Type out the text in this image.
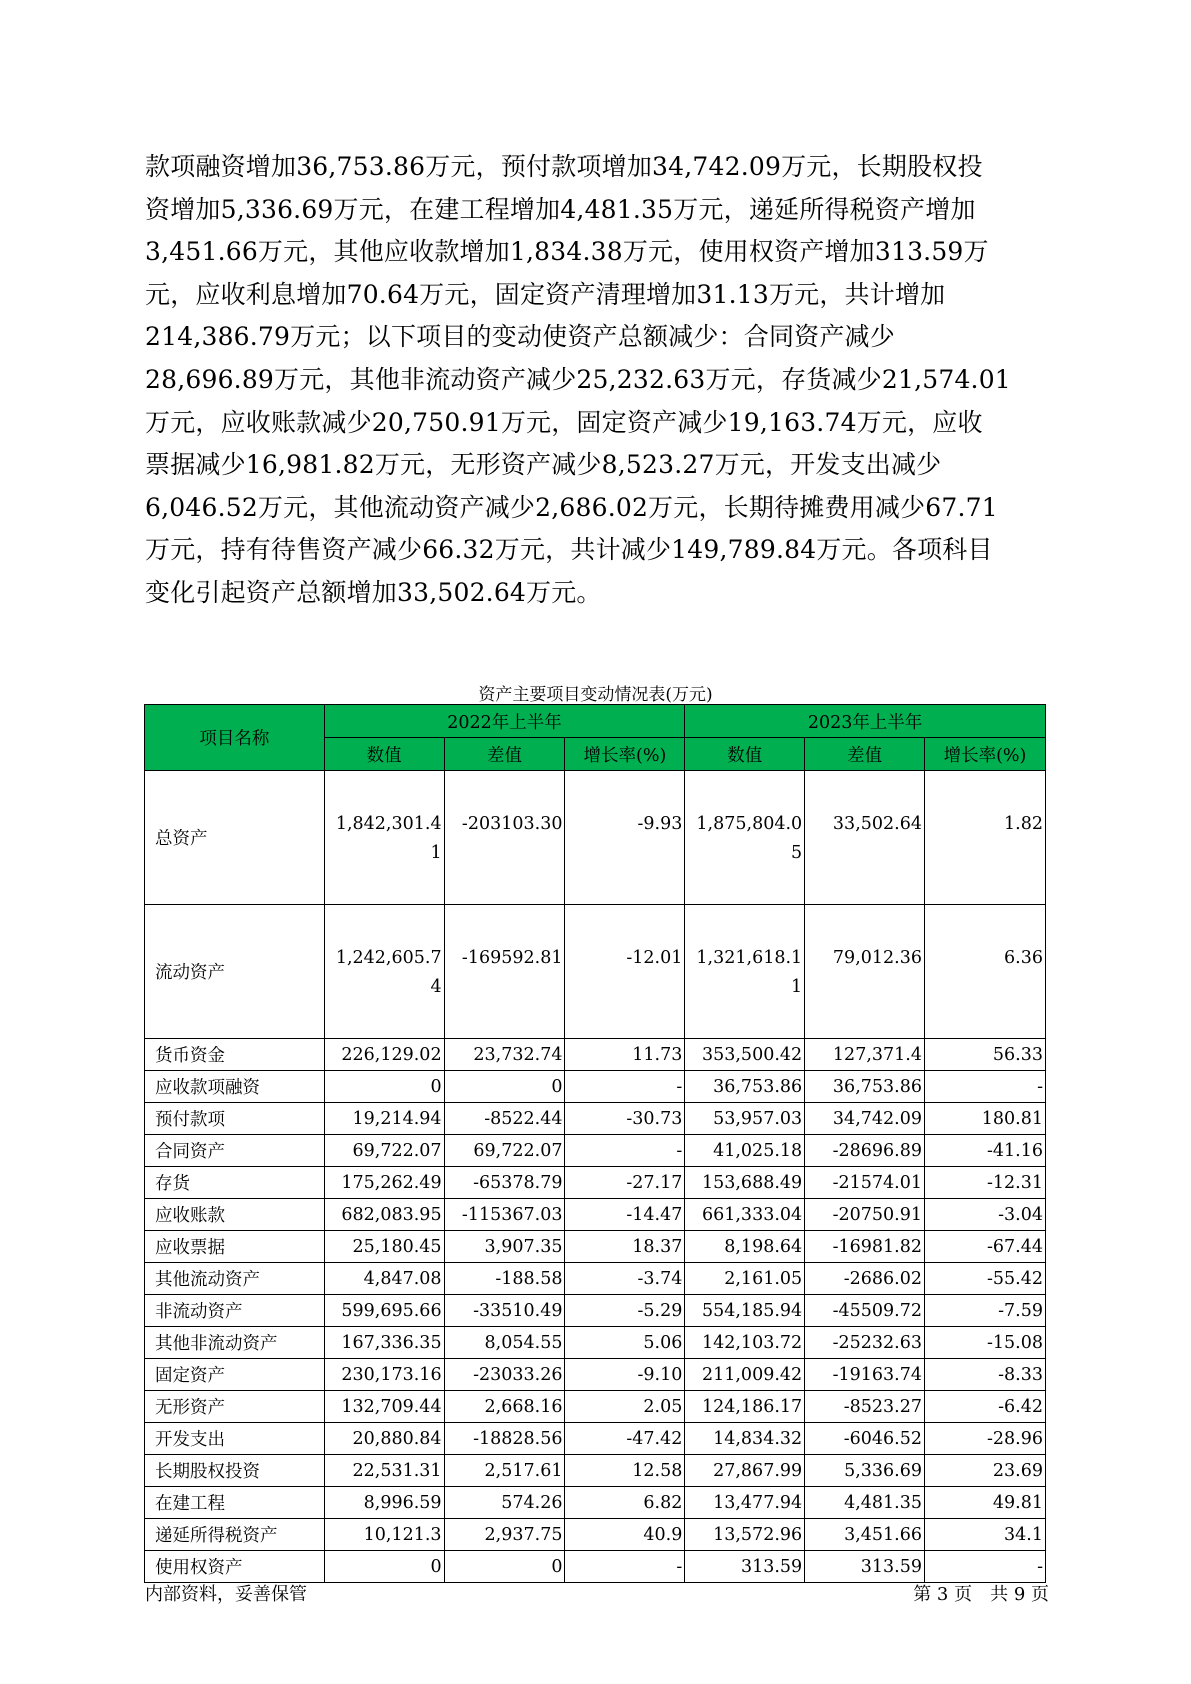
款项融资增加36,753.86万元，预付款项增加34,742.09万元，长期股权投
资增加5,336.69万元，在建工程增加4,481.35万元，递延所得税资产增加
3,451.66万元，其他应收款增加1,834.38万元，使用权资产增加313.59万
元，应收利息增加70.64万元，固定资产清理增加31.13万元，共计增加
214,386.79万元；以下项目的变动使资产总额减少：合同资产减少
28,696.89万元，其他非流动资产减少25,232.63万元，存货减少21,574.01
万元，应收账款减少20,750.91万元，固定资产减少19,163.74万元，应收
票据减少16,981.82万元，无形资产减少8,523.27万元，开发支出减少
6,046.52万元，其他流动资产减少2,686.02万元，长期待摊费用减少67.71
万元，持有待售资产减少66.32万元，共计减少149,789.84万元。各项科目
变化引起资产总额增加33,502.64万元。
资产主要项目变动情况表(万元)
项目名称	2022年上半年			2023年上半年		
	数值	差值	增长率(%)	数值	差值	增长率(%)
总资产	1,842,301.41	-203103.30	-9.93	1,875,804.05	33,502.64	1.82
流动资产	1,242,605.74	-169592.81	-12.01	1,321,618.11	79,012.36	6.36
货币资金	226,129.02	23,732.74	11.73	353,500.42	127,371.4	56.33
应收款项融资	0	0	-	36,753.86	36,753.86	-
预付款项	19,214.94	-8522.44	-30.73	53,957.03	34,742.09	180.81
合同资产	69,722.07	69,722.07	-	41,025.18	-28696.89	-41.16
存货	175,262.49	-65378.79	-27.17	153,688.49	-21574.01	-12.31
应收账款	682,083.95	-115367.03	-14.47	661,333.04	-20750.91	-3.04
应收票据	25,180.45	3,907.35	18.37	8,198.64	-16981.82	-67.44
其他流动资产	4,847.08	-188.58	-3.74	2,161.05	-2686.02	-55.42
非流动资产	599,695.66	-33510.49	-5.29	554,185.94	-45509.72	-7.59
其他非流动资产	167,336.35	8,054.55	5.06	142,103.72	-25232.63	-15.08
固定资产	230,173.16	-23033.26	-9.10	211,009.42	-19163.74	-8.33
无形资产	132,709.44	2,668.16	2.05	124,186.17	-8523.27	-6.42
开发支出	20,880.84	-18828.56	-47.42	14,834.32	-6046.52	-28.96
长期股权投资	22,531.31	2,517.61	12.58	27,867.99	5,336.69	23.69
在建工程	8,996.59	574.26	6.82	13,477.94	4,481.35	49.81
递延所得税资产	10,121.3	2,937.75	40.9	13,572.96	3,451.66	34.1
使用权资产	0	0	-	313.59	313.59	-
内部资料，妥善保管	第 3 页　共 9 页
